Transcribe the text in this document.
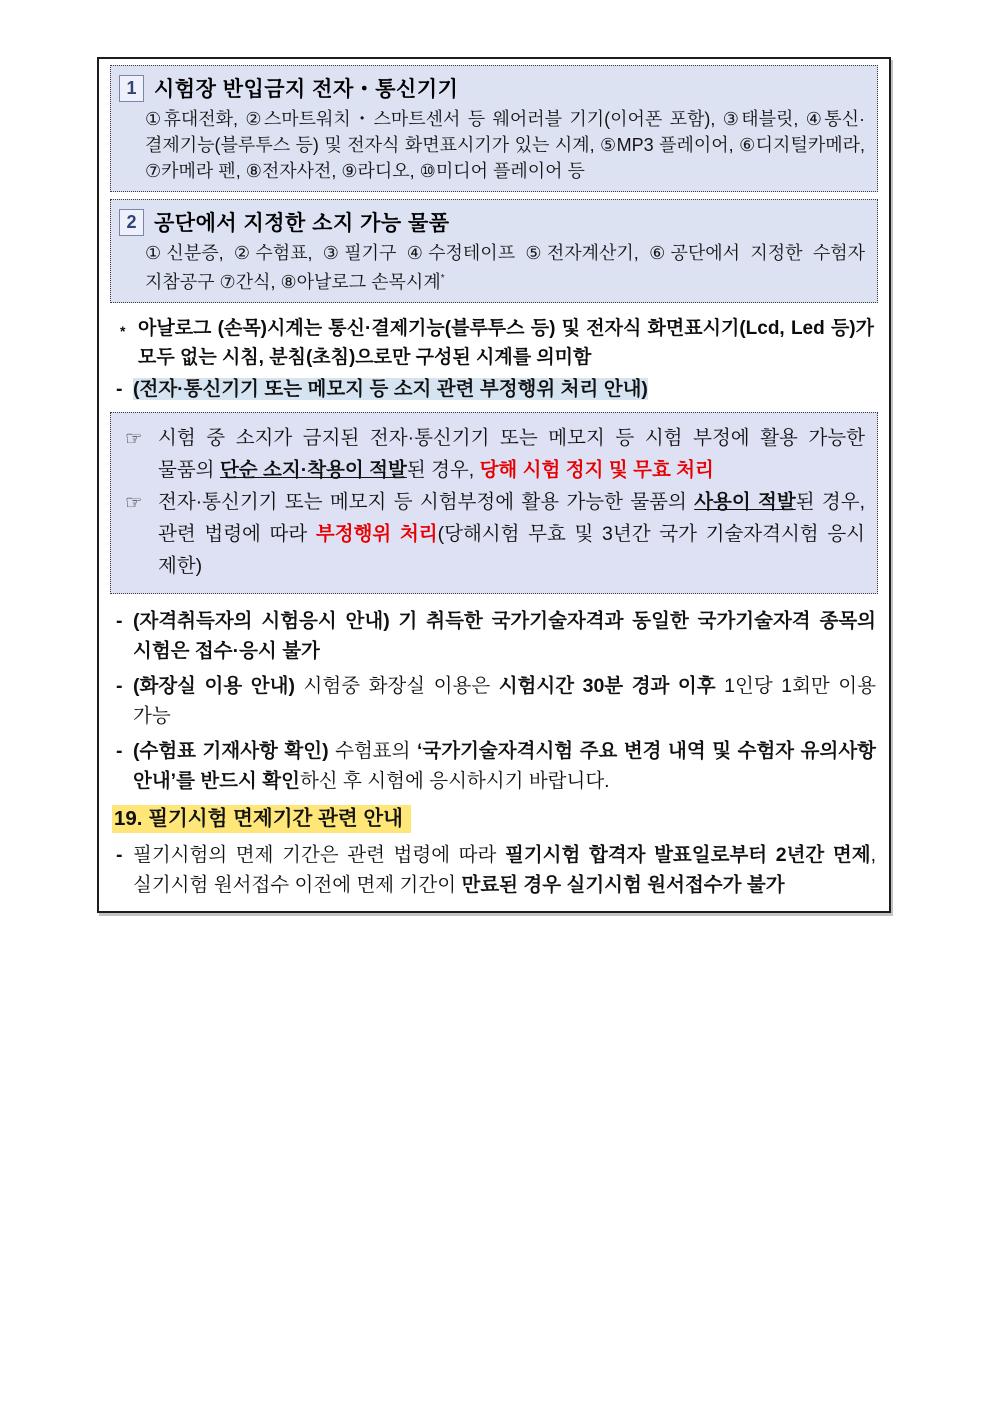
1 시험장 반입금지 전자・통신기기
①휴대전화, ②스마트워치・스마트센서 등 웨어러블 기기(이어폰 포함), ③태블릿, ④통신·결제기능(블루투스 등) 및 전자식 화면표시기가 있는 시계, ⑤MP3 플레이어, ⑥디지털카메라, ⑦카메라 펜, ⑧전자사전, ⑨라디오, ⑩미디어 플레이어 등
2 공단에서 지정한 소지 가능 물품
①신분증, ②수험표, ③필기구 ④수정테이프 ⑤전자계산기, ⑥공단에서 지정한 수험자 지참공구 ⑦간식, ⑧아날로그 손목시계*
* 아날로그 (손목)시계는 통신·결제기능(블루투스 등) 및 전자식 화면표시기(Lcd, Led 등)가 모두 없는 시침, 분침(초침)으로만 구성된 시계를 의미함
- (전자·통신기기 또는 메모지 등 소지 관련 부정행위 처리 안내)
☞ 시험 중 소지가 금지된 전자·통신기기 또는 메모지 등 시험 부정에 활용 가능한 물품의 단순 소지·착용이 적발된 경우, 당해 시험 정지 및 무효 처리
☞ 전자·통신기기 또는 메모지 등 시험부정에 활용 가능한 물품의 사용이 적발된 경우, 관련 법령에 따라 부정행위 처리(당해시험 무효 및 3년간 국가 기술자격시험 응시 제한)
- (자격취득자의 시험응시 안내) 기 취득한 국가기술자격과 동일한 국가기술자격 종목의 시험은 접수·응시 불가
- (화장실 이용 안내) 시험중 화장실 이용은 시험시간 30분 경과 이후 1인당 1회만 이용 가능
- (수험표 기재사항 확인) 수험표의 ‘국가기술자격시험 주요 변경 내역 및 수험자 유의사항 안내’를 반드시 확인하신 후 시험에 응시하시기 바랍니다.
19. 필기시험 면제기간 관련 안내
- 필기시험의 면제 기간은 관련 법령에 따라 필기시험 합격자 발표일로부터 2년간 면제, 실기시험 원서접수 이전에 면제 기간이 만료된 경우 실기시험 원서접수가 불가
